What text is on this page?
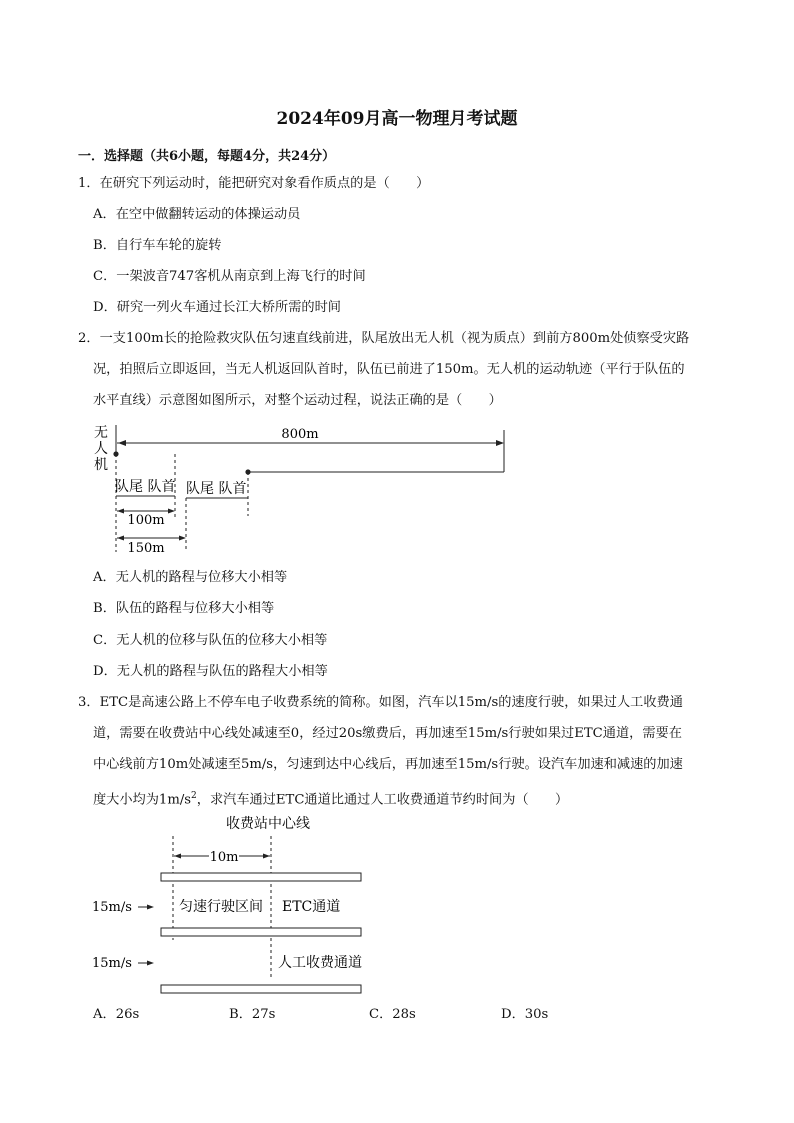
2024年09月高一物理月考试题
一．选择题（共6小题，每题4分，共24分）
1．在研究下列运动时，能把研究对象看作质点的是（　　）
A．在空中做翻转运动的体操运动员
B．自行车车轮的旋转
C．一架波音747客机从南京到上海飞行的时间
D．研究一列火车通过长江大桥所需的时间
2．一支100m长的抢险救灾队伍匀速直线前进，队尾放出无人机（视为质点）到前方800m处侦察受灾路
况，拍照后立即返回，当无人机返回队首时，队伍已前进了150m。无人机的运动轨迹（平行于队伍的
水平直线）示意图如图所示，对整个运动过程，说法正确的是（　　）
无
人
机
800m
队尾 队首 队尾 队首
100m
150m
A．无人机的路程与位移大小相等
B．队伍的路程与位移大小相等
C．无人机的位移与队伍的位移大小相等
D．无人机的路程与队伍的路程大小相等
3．ETC是高速公路上不停车电子收费系统的简称。如图，汽车以15m/s的速度行驶，如果过人工收费通
道，需要在收费站中心线处减速至0，经过20s缴费后，再加速至15m/s行驶如果过ETC通道，需要在
中心线前方10m处减速至5m/s，匀速到达中心线后，再加速至15m/s行驶。设汽车加速和减速的加速
度大小均为$1m/s^2$，求汽车通过ETC通道比通过人工收费通道节约时间为（　　）
收费站中心线
10m
15m/s	匀速行驶区间 ETC通道
15m/s	人工收费通道
A．26s	B．27s	C．28s	D．30s
